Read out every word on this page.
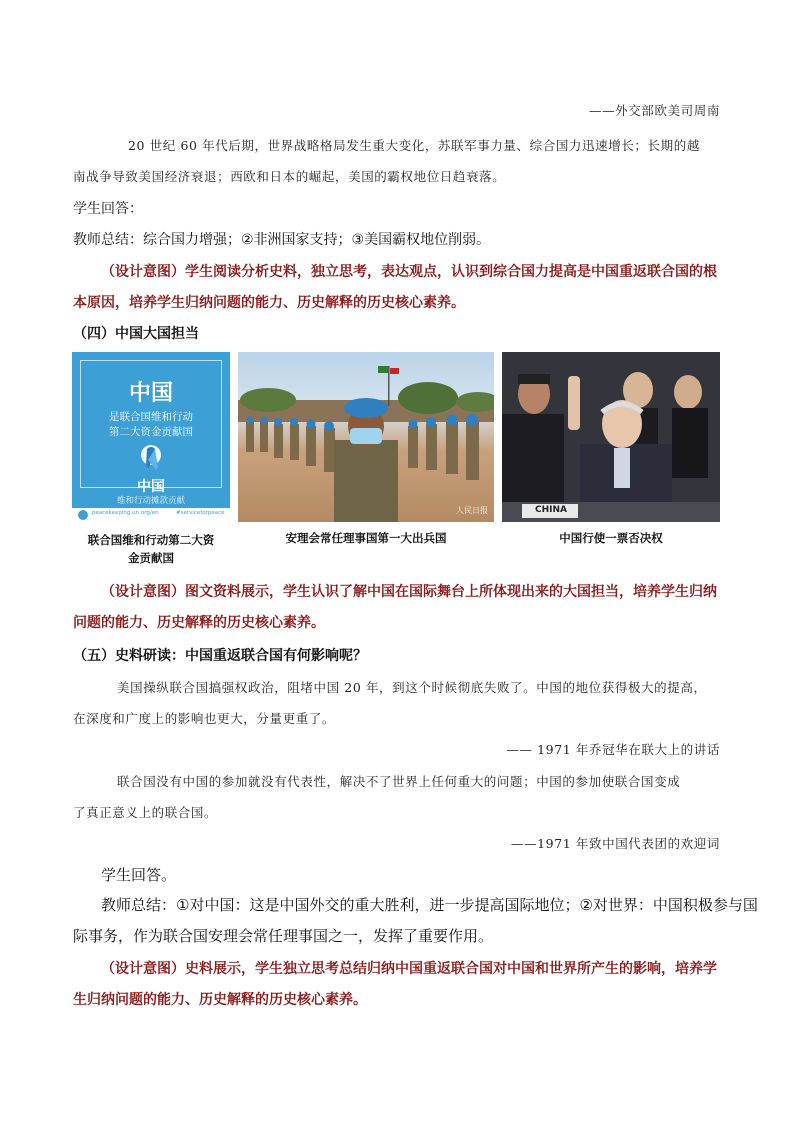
——外交部欧美司周南
20 世纪 60 年代后期，世界战略格局发生重大变化，苏联军事力量、综合国力迅速增长；长期的越
南战争导致美国经济衰退；西欧和日本的崛起，美国的霸权地位日趋衰落。
学生回答：
教师总结：综合国力增强；②非洲国家支持；③美国霸权地位削弱。
（设计意图）学生阅读分析史料，独立思考，表达观点，认识到综合国力提高是中国重返联合国的根
本原因，培养学生归纳问题的能力、历史解释的历史核心素养。
（四）中国大国担当
中国
是联合国维和行动
第二大资金贡献国
中国
维和行动摊款贡献
peacekeeping.un.org/en	#serviceforpeace
联合国维和行动第二大资
金贡献国
人民日报
安理会常任理事国第一大出兵国
CHINA
中国行使一票否决权
（设计意图）图文资料展示，学生认识了解中国在国际舞台上所体现出来的大国担当，培养学生归纳
问题的能力、历史解释的历史核心素养。
（五）史料研读：中国重返联合国有何影响呢？
美国操纵联合国搞强权政治，阻堵中国 20 年，到这个时候彻底失败了。中国的地位获得极大的提高，
在深度和广度上的影响也更大，分量更重了。
—— 1971 年乔冠华在联大上的讲话
联合国没有中国的参加就没有代表性，解决不了世界上任何重大的问题；中国的参加使联合国变成
了真正意义上的联合国。
——1971 年致中国代表团的欢迎词
学生回答。
教师总结：①对中国：这是中国外交的重大胜利，进一步提高国际地位；②对世界：中国积极参与国
际事务，作为联合国安理会常任理事国之一，发挥了重要作用。
（设计意图）史料展示，学生独立思考总结归纳中国重返联合国对中国和世界所产生的影响，培养学
生归纳问题的能力、历史解释的历史核心素养。
